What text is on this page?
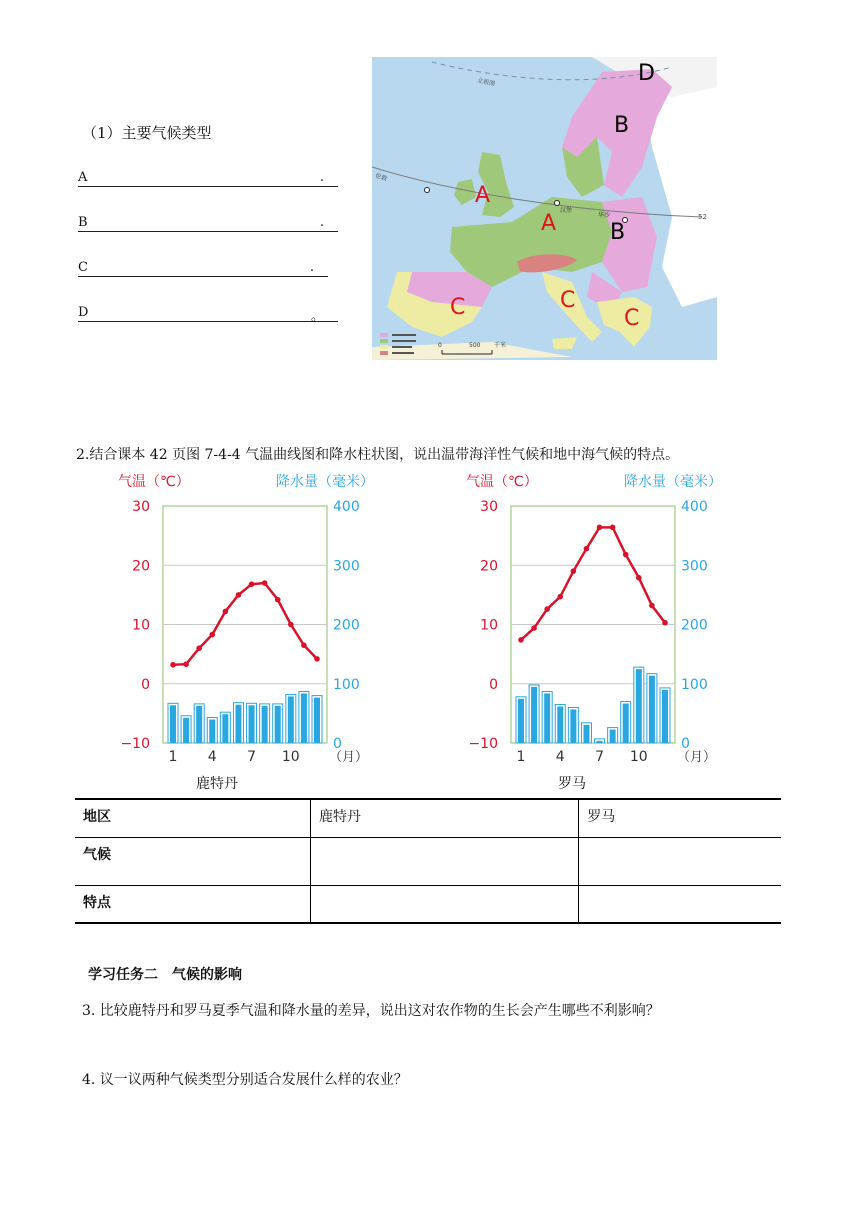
（1）主要气候类型
A	.
B	.
C	.
D	。
0	500 千米
北极圈
伦敦
汉堡
华沙	52
D
B
A
A B
C	C
C
2.结合课本 42 页图 7-4-4 气温曲线图和降水柱状图，说出温带海洋性气候和地中海气候的特点。
气温（℃）	降水量（毫米）
30
20
10
0
−10
400
300
200
100
0
1 4 7 10 （月）
鹿特丹
气温（℃）	降水量（毫米）
30
20
10
0
−10
400
300
200
100
0
1 4 7 10 （月）
罗马
地区	鹿特丹	罗马
气候		
特点		
学习任务二　气候的影响
3. 比较鹿特丹和罗马夏季气温和降水量的差异，说出这对农作物的生长会产生哪些不利影响？
4. 议一议两种气候类型分别适合发展什么样的农业？
